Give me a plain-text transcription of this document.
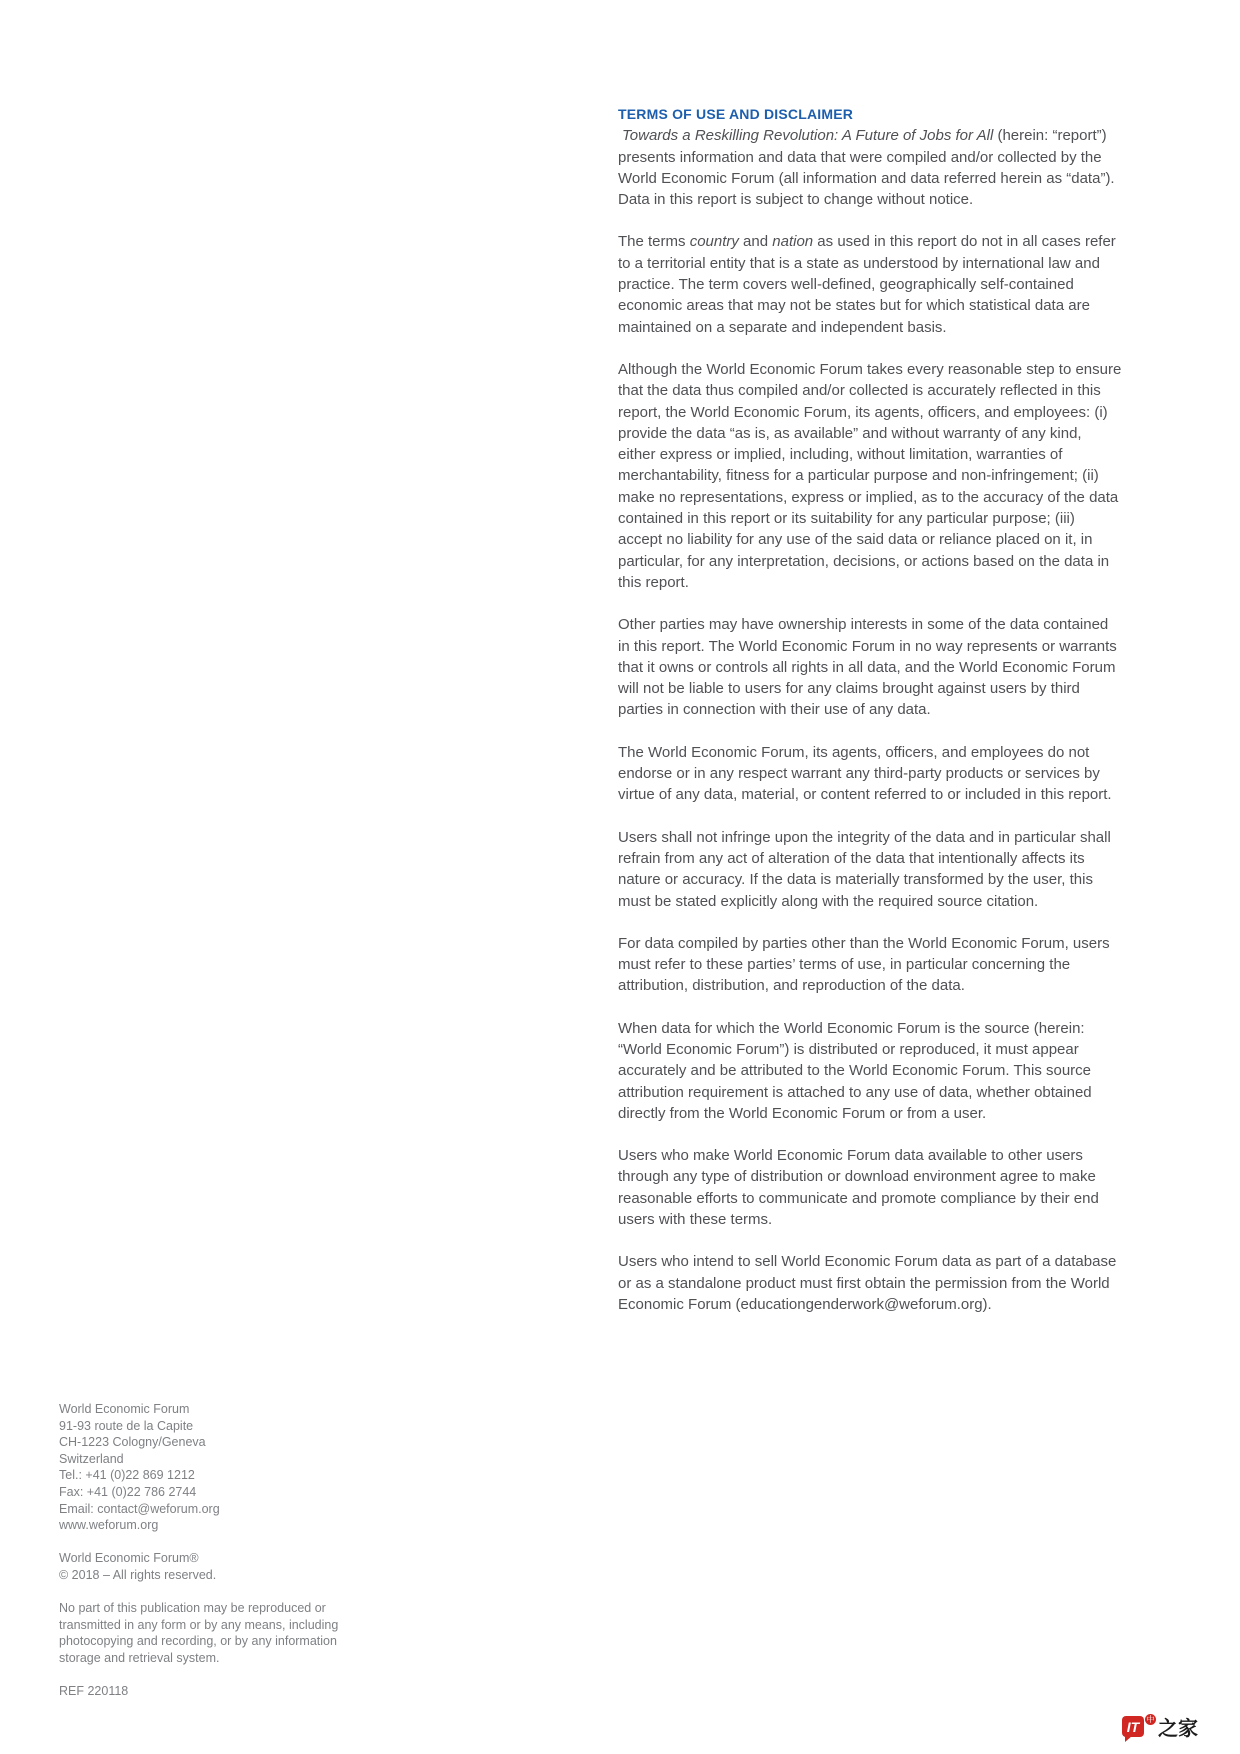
TERMS OF USE AND DISCLAIMER

Towards a Reskilling Revolution: A Future of Jobs for All (herein: “report”) presents information and data that were compiled and/or collected by the World Economic Forum (all information and data referred herein as “data”). Data in this report is subject to change without notice.

The terms country and nation as used in this report do not in all cases refer to a territorial entity that is a state as understood by international law and practice. The term covers well-defined, geographically self-contained economic areas that may not be states but for which statistical data are maintained on a separate and independent basis.

Although the World Economic Forum takes every reasonable step to ensure that the data thus compiled and/or collected is accurately reflected in this report, the World Economic Forum, its agents, officers, and employees: (i) provide the data “as is, as available” and without warranty of any kind, either express or implied, including, without limitation, warranties of merchantability, fitness for a particular purpose and non-infringement; (ii) make no representations, express or implied, as to the accuracy of the data contained in this report or its suitability for any particular purpose; (iii) accept no liability for any use of the said data or reliance placed on it, in particular, for any interpretation, decisions, or actions based on the data in this report.

Other parties may have ownership interests in some of the data contained in this report. The World Economic Forum in no way represents or warrants that it owns or controls all rights in all data, and the World Economic Forum will not be liable to users for any claims brought against users by third parties in connection with their use of any data.

The World Economic Forum, its agents, officers, and employees do not endorse or in any respect warrant any third-party products or services by virtue of any data, material, or content referred to or included in this report.

Users shall not infringe upon the integrity of the data and in particular shall refrain from any act of alteration of the data that intentionally affects its nature or accuracy. If the data is materially transformed by the user, this must be stated explicitly along with the required source citation.

For data compiled by parties other than the World Economic Forum, users must refer to these parties’ terms of use, in particular concerning the attribution, distribution, and reproduction of the data.

When data for which the World Economic Forum is the source (herein: “World Economic Forum”) is distributed or reproduced, it must appear accurately and be attributed to the World Economic Forum. This source attribution requirement is attached to any use of data, whether obtained directly from the World Economic Forum or from a user.

Users who make World Economic Forum data available to other users through any type of distribution or download environment agree to make reasonable efforts to communicate and promote compliance by their end users with these terms.

Users who intend to sell World Economic Forum data as part of a database or as a standalone product must first obtain the permission from the World Economic Forum (educationgenderwork@weforum.org).

World Economic Forum
91-93 route de la Capite
CH-1223 Cologny/Geneva
Switzerland
Tel.: +41 (0)22 869 1212
Fax: +41 (0)22 786 2744
Email: contact@weforum.org
www.weforum.org
World Economic Forum®
© 2018 – All rights reserved.
No part of this publication may be reproduced or
transmitted in any form or by any means, including
photocopying and recording, or by any information
storage and retrieval system.
REF 220118
IT 中 之家
